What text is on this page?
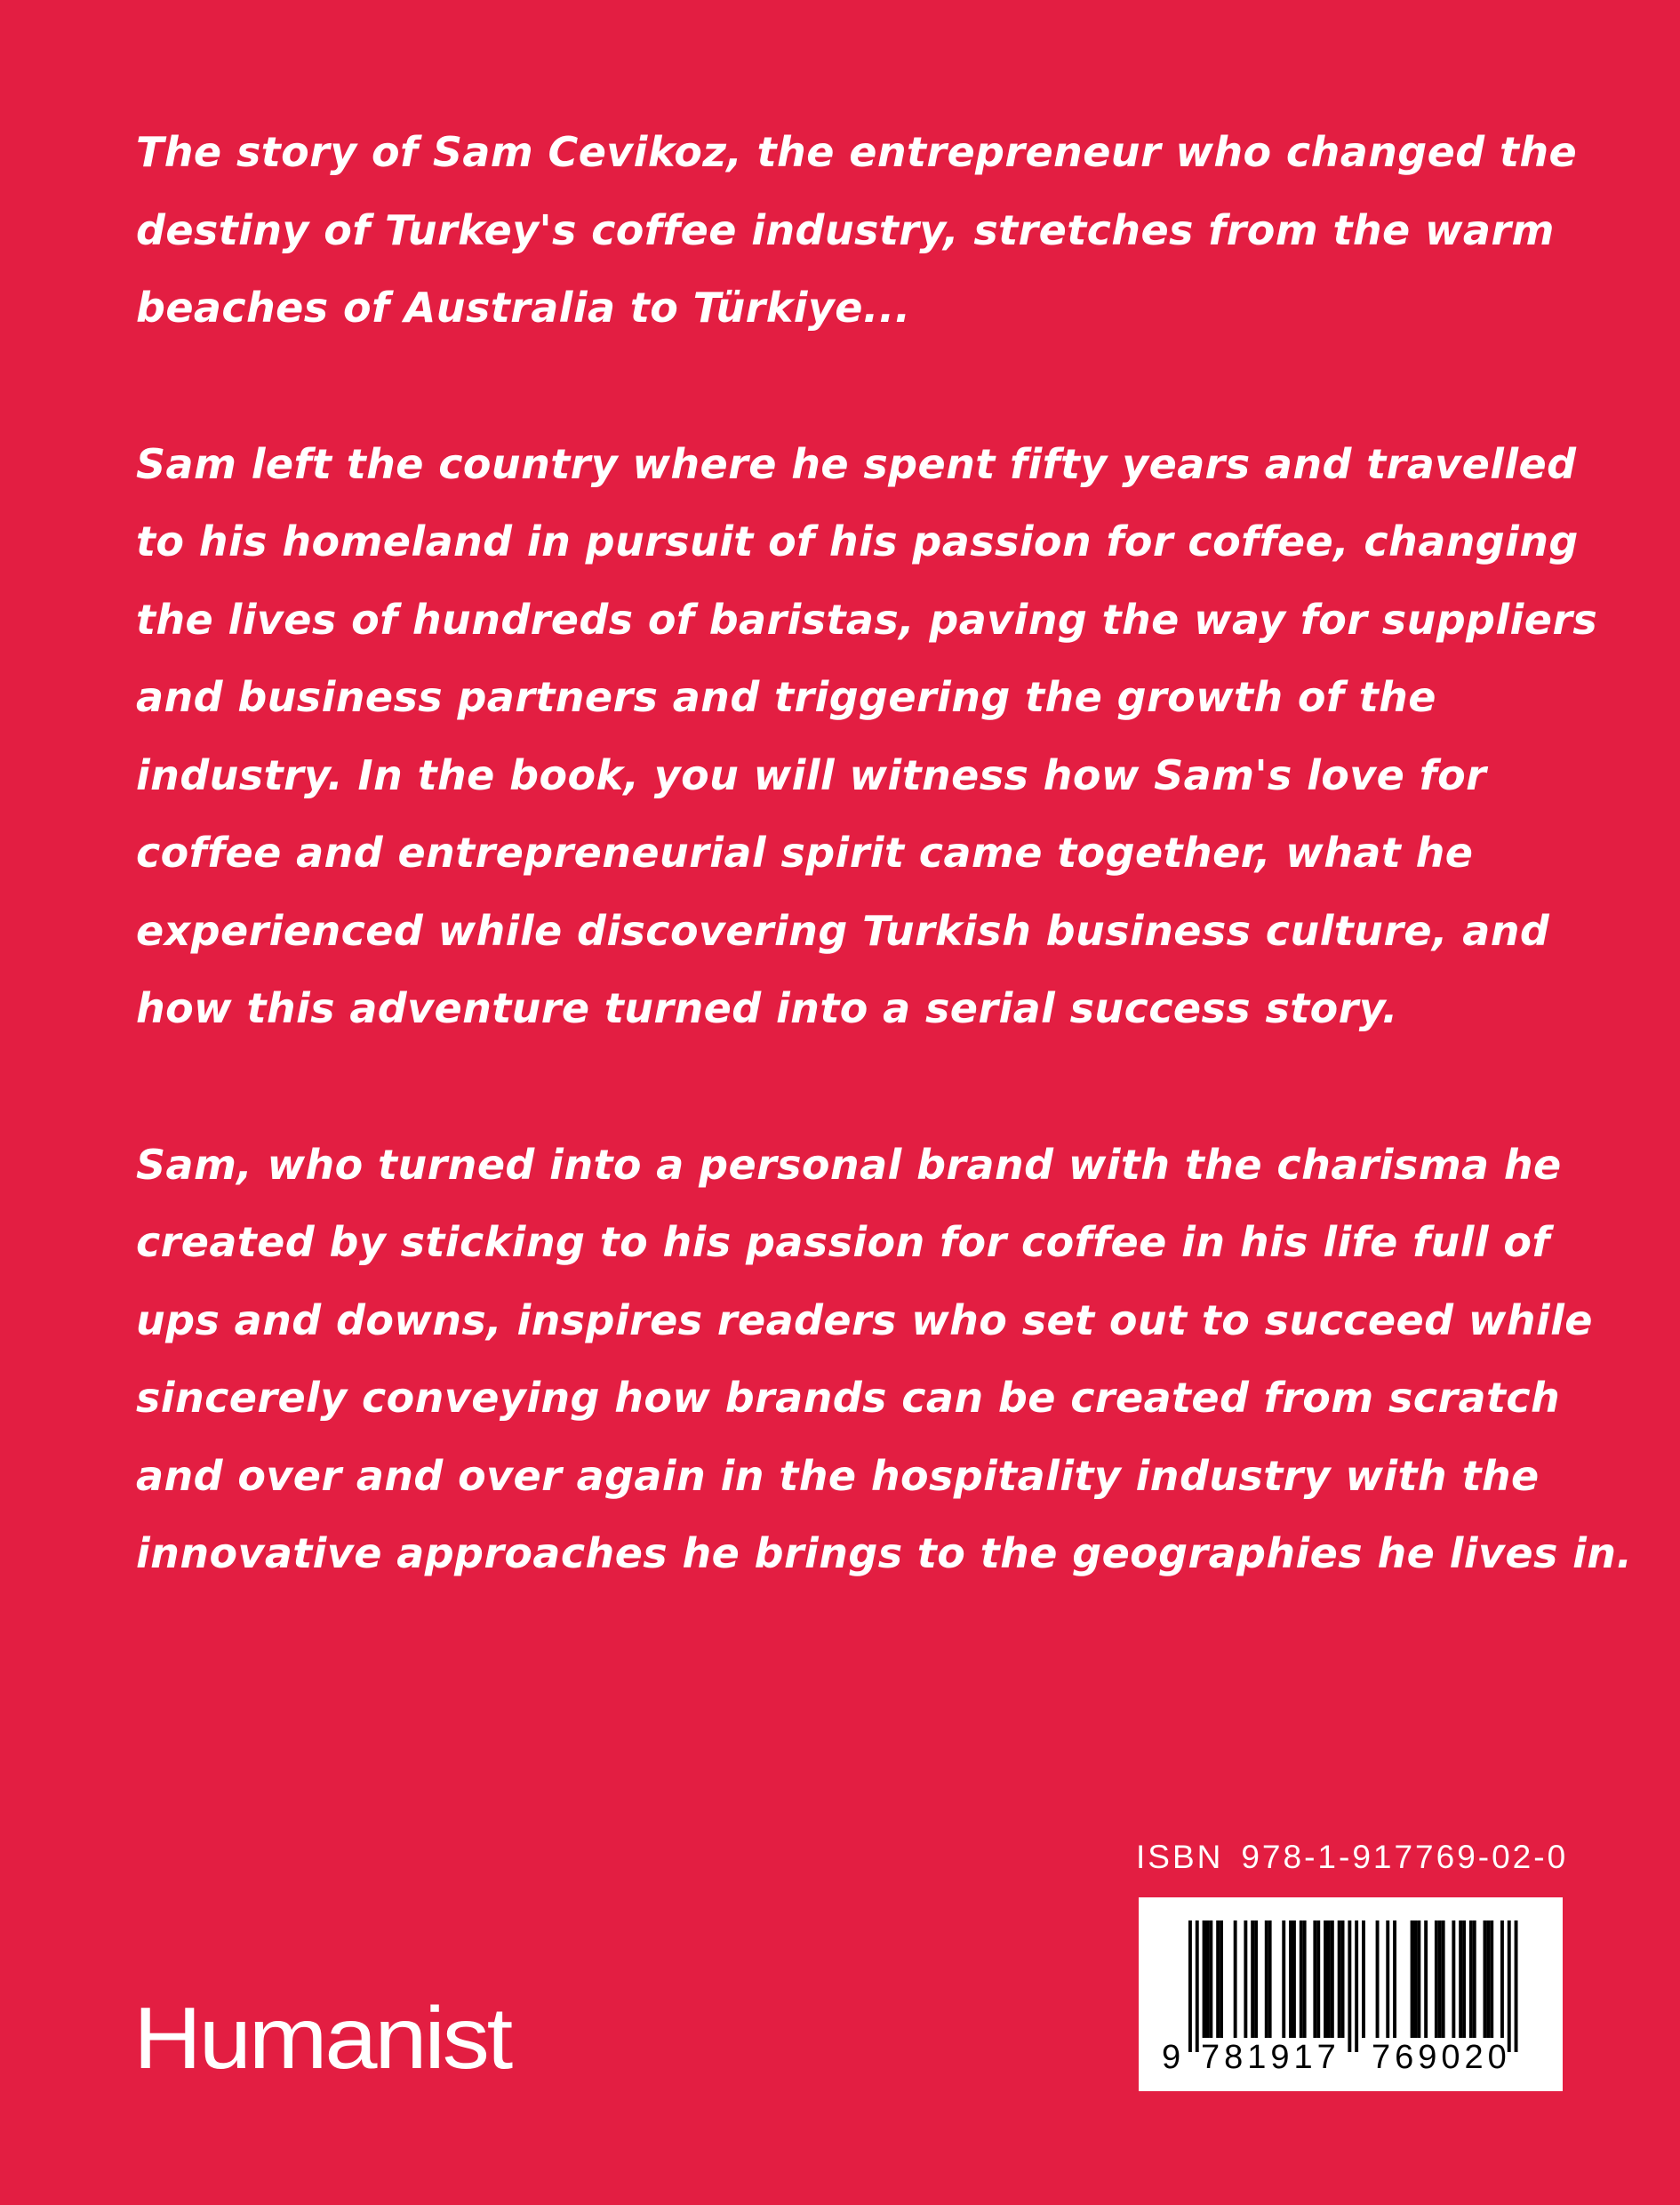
The story of Sam Cevikoz, the entrepreneur who changed the
destiny of Turkey's coffee industry, stretches from the warm
beaches of Australia to Türkiye...

Sam left the country where he spent fifty years and travelled
to his homeland in pursuit of his passion for coffee, changing
the lives of hundreds of baristas, paving the way for suppliers
and business partners and triggering the growth of the
industry. In the book, you will witness how Sam's love for
coffee and entrepreneurial spirit came together, what he
experienced while discovering Turkish business culture, and
how this adventure turned into a serial success story.

Sam, who turned into a personal brand with the charisma he
created by sticking to his passion for coffee in his life full of
ups and downs, inspires readers who set out to succeed while
sincerely conveying how brands can be created from scratch
and over and over again in the hospitality industry with the
innovative approaches he brings to the geographies he lives in.

Humanist
ISBN 978-1-917769-02-0
9 781917 769020
